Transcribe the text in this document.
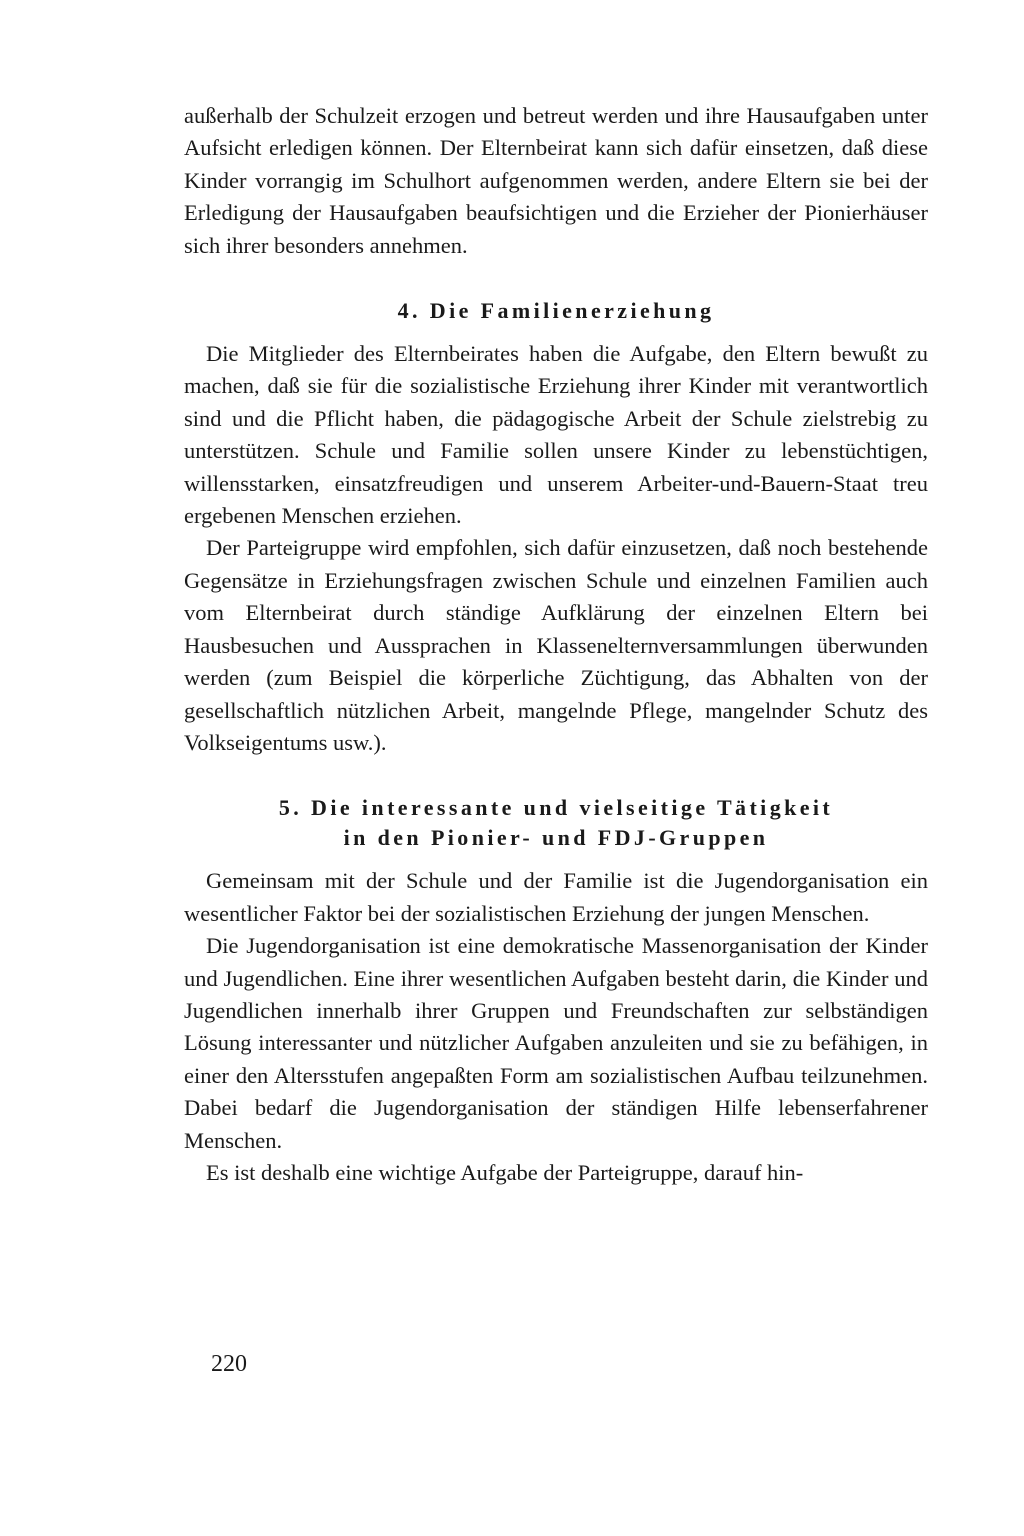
außerhalb der Schulzeit erzogen und betreut werden und ihre Hausaufgaben unter Aufsicht erledigen können. Der Elternbeirat kann sich dafür einsetzen, daß diese Kinder vorrangig im Schulhort aufgenommen werden, andere Eltern sie bei der Erledigung der Hausaufgaben beaufsichtigen und die Erzieher der Pionierhäuser sich ihrer besonders annehmen.

4. Die Familienerziehung

Die Mitglieder des Elternbeirates haben die Aufgabe, den Eltern bewußt zu machen, daß sie für die sozialistische Erziehung ihrer Kinder mit verantwortlich sind und die Pflicht haben, die pädagogische Arbeit der Schule zielstrebig zu unterstützen. Schule und Familie sollen unsere Kinder zu lebenstüchtigen, willensstarken, einsatzfreudigen und unserem Arbeiter-und-Bauern-Staat treu ergebenen Menschen erziehen.

Der Parteigruppe wird empfohlen, sich dafür einzusetzen, daß noch bestehende Gegensätze in Erziehungsfragen zwischen Schule und einzelnen Familien auch vom Elternbeirat durch ständige Aufklärung der einzelnen Eltern bei Hausbesuchen und Aussprachen in Klassenelternversammlungen überwunden werden (zum Beispiel die körperliche Züchtigung, das Abhalten von der gesellschaftlich nützlichen Arbeit, mangelnde Pflege, mangelnder Schutz des Volkseigentums usw.).

5. Die interessante und vielseitige Tätigkeit
in den Pionier- und FDJ-Gruppen

Gemeinsam mit der Schule und der Familie ist die Jugendorganisation ein wesentlicher Faktor bei der sozialistischen Erziehung der jungen Menschen.

Die Jugendorganisation ist eine demokratische Massenorganisation der Kinder und Jugendlichen. Eine ihrer wesentlichen Aufgaben besteht darin, die Kinder und Jugendlichen innerhalb ihrer Gruppen und Freundschaften zur selbständigen Lösung interessanter und nützlicher Aufgaben anzuleiten und sie zu befähigen, in einer den Altersstufen angepaßten Form am sozialistischen Aufbau teilzunehmen. Dabei bedarf die Jugendorganisation der ständigen Hilfe lebenserfahrener Menschen.

Es ist deshalb eine wichtige Aufgabe der Parteigruppe, darauf hin-

220
